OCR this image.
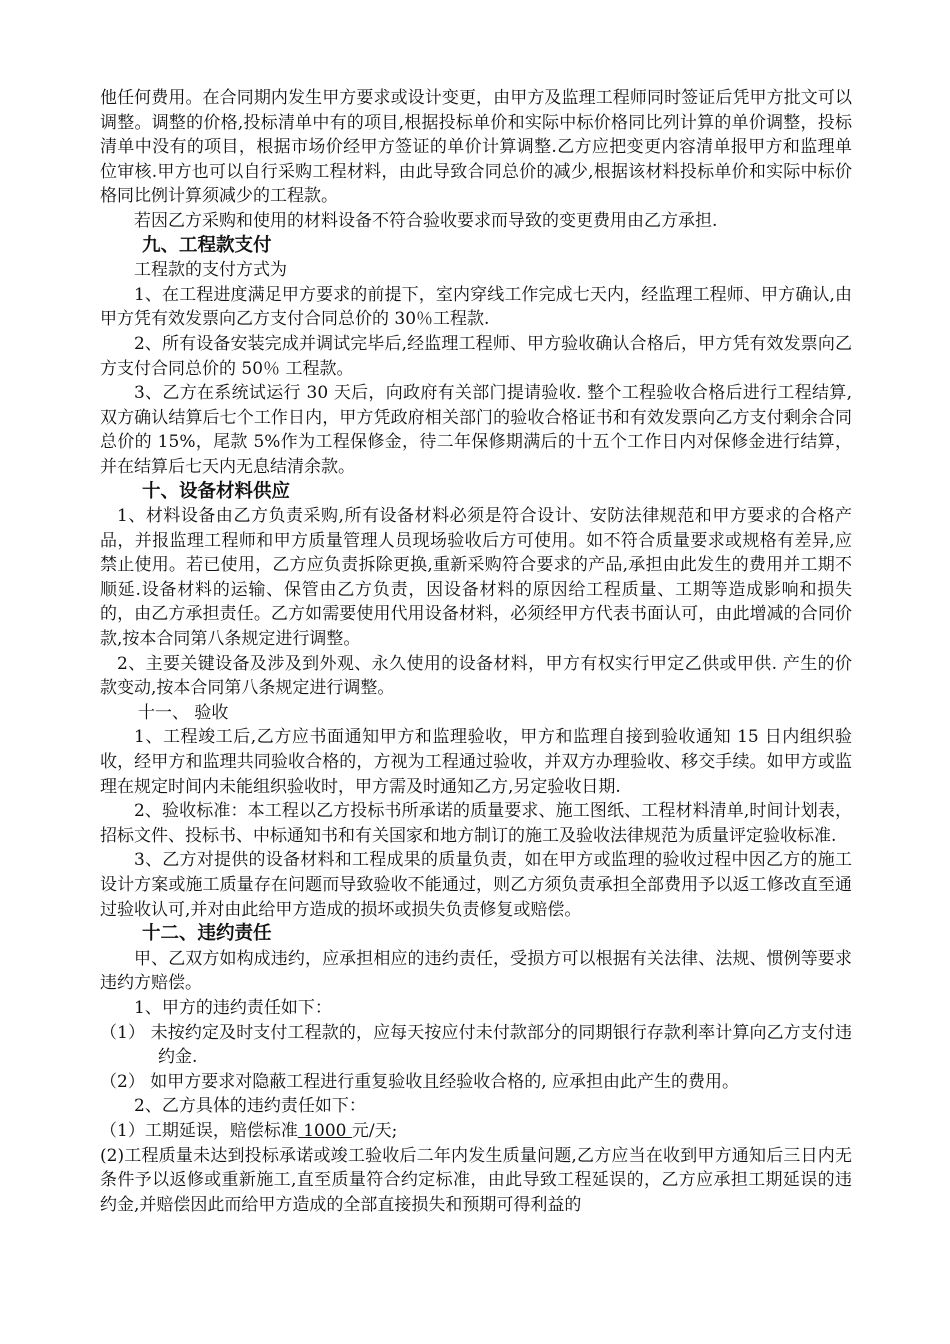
他任何费用。在合同期内发生甲方要求或设计变更，由甲方及监理工程师同时签证后凭甲方批文可以调整。调整的价格,投标清单中有的项目,根据投标单价和实际中标价格同比列计算的单价调整，投标清单中没有的项目，根据市场价经甲方签证的单价计算调整.乙方应把变更内容清单报甲方和监理单位审核.甲方也可以自行采购工程材料，由此导致合同总价的减少,根据该材料投标单价和实际中标价格同比例计算须减少的工程款。

若因乙方采购和使用的材料设备不符合验收要求而导致的变更费用由乙方承担.

九、工程款支付

工程款的支付方式为

1、在工程进度满足甲方要求的前提下，室内穿线工作完成七天内，经监理工程师、甲方确认,由甲方凭有效发票向乙方支付合同总价的 30％工程款.

2、所有设备安装完成并调试完毕后,经监理工程师、甲方验收确认合格后，甲方凭有效发票向乙方支付合同总价的 50％ 工程款。

3、乙方在系统试运行 30 天后，向政府有关部门提请验收. 整个工程验收合格后进行工程结算,双方确认结算后七个工作日内，甲方凭政府相关部门的验收合格证书和有效发票向乙方支付剩余合同总价的 15%，尾款 5%作为工程保修金，待二年保修期满后的十五个工作日内对保修金进行结算，并在结算后七天内无息结清余款。

十、设备材料供应

1、材料设备由乙方负责采购,所有设备材料必须是符合设计、安防法律规范和甲方要求的合格产品，并报监理工程师和甲方质量管理人员现场验收后方可使用。如不符合质量要求或规格有差异,应禁止使用。若已使用，乙方应负责拆除更换,重新采购符合要求的产品,承担由此发生的费用并工期不顺延.设备材料的运输、保管由乙方负责，因设备材料的原因给工程质量、工期等造成影响和损失的，由乙方承担责任。乙方如需要使用代用设备材料，必须经甲方代表书面认可，由此增减的合同价款,按本合同第八条规定进行调整。

2、主要关键设备及涉及到外观、永久使用的设备材料，甲方有权实行甲定乙供或甲供. 产生的价款变动,按本合同第八条规定进行调整。

十一、 验收

1、工程竣工后,乙方应书面通知甲方和监理验收，甲方和监理自接到验收通知 15 日内组织验收，经甲方和监理共同验收合格的，方视为工程通过验收，并双方办理验收、移交手续。如甲方或监理在规定时间内未能组织验收时，甲方需及时通知乙方,另定验收日期.

2、验收标准：本工程以乙方投标书所承诺的质量要求、施工图纸、工程材料清单,时间计划表，招标文件、投标书、中标通知书和有关国家和地方制订的施工及验收法律规范为质量评定验收标准.

3、乙方对提供的设备材料和工程成果的质量负责，如在甲方或监理的验收过程中因乙方的施工设计方案或施工质量存在问题而导致验收不能通过，则乙方须负责承担全部费用予以返工修改直至通过验收认可,并对由此给甲方造成的损坏或损失负责修复或赔偿。

十二、违约责任

甲、乙双方如构成违约，应承担相应的违约责任，受损方可以根据有关法律、法规、惯例等要求违约方赔偿。

1、甲方的违约责任如下：

（1） 未按约定及时支付工程款的，应每天按应付未付款部分的同期银行存款利率计算向乙方支付违约金.

（2） 如甲方要求对隐蔽工程进行重复验收且经验收合格的, 应承担由此产生的费用。

2、乙方具体的违约责任如下：

（1）工期延误，赔偿标准 1000 元/天;

(2)工程质量未达到投标承诺或竣工验收后二年内发生质量问题,乙方应当在收到甲方通知后三日内无条件予以返修或重新施工,直至质量符合约定标准，由此导致工程延误的，乙方应承担工期延误的违约金,并赔偿因此而给甲方造成的全部直接损失和预期可得利益的
